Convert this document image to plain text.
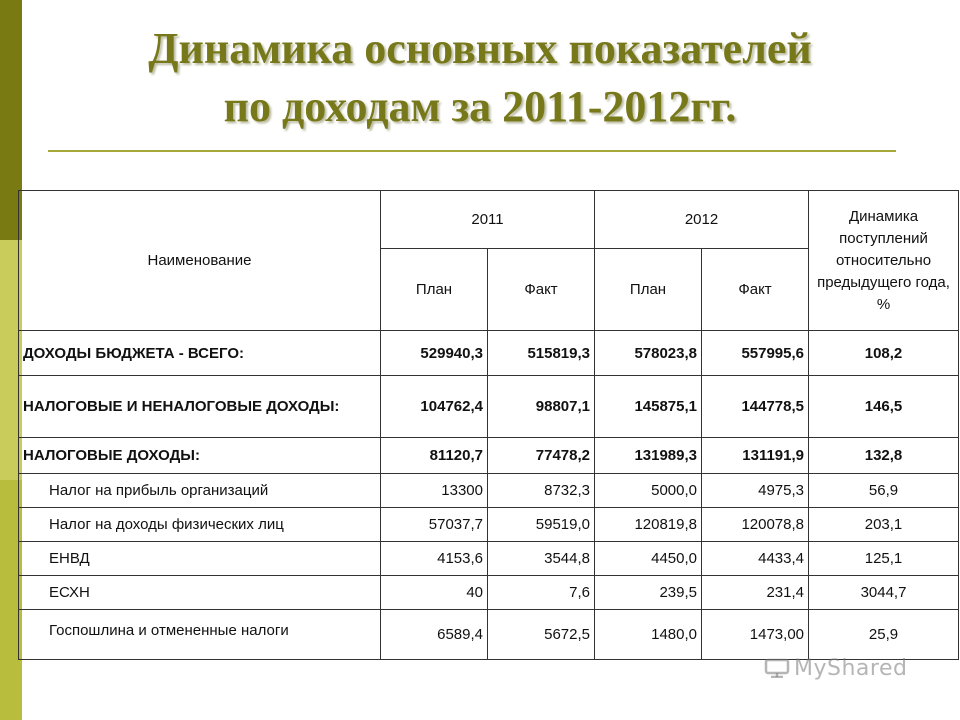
Динамика основных показателей
по доходам за 2011-2012гг.
Наименование	2011		2012		Динамика поступлений относительно предыдущего года, %
	План	Факт	План	Факт	
ДОХОДЫ БЮДЖЕТА - ВСЕГО:	529940,3	515819,3	578023,8	557995,6	108,2
НАЛОГОВЫЕ И НЕНАЛОГОВЫЕ ДОХОДЫ:	104762,4	98807,1	145875,1	144778,5	146,5
НАЛОГОВЫЕ ДОХОДЫ:	81120,7	77478,2	131989,3	131191,9	132,8
Налог на прибыль организаций	13300	8732,3	5000,0	4975,3	56,9
Налог на доходы физических лиц	57037,7	59519,0	120819,8	120078,8	203,1
ЕНВД	4153,6	3544,8	4450,0	4433,4	125,1
ЕСХН	40	7,6	239,5	231,4	3044,7
Госпошлина и отмененные налоги	6589,4	5672,5	1480,0	1473,00	25,9
MyShared
